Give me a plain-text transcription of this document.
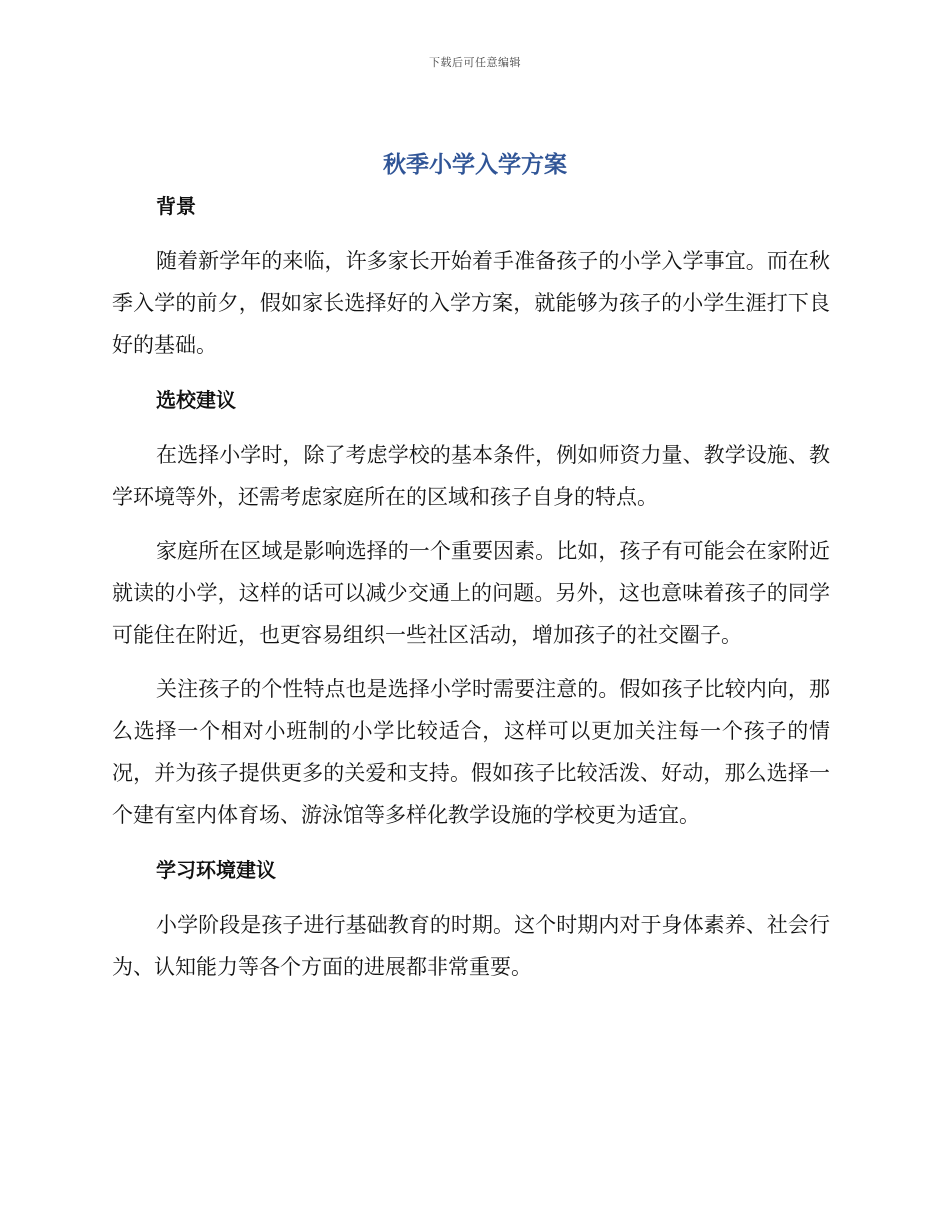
下载后可任意编辑
秋季小学入学方案
背景

随着新学年的来临，许多家长开始着手准备孩子的小学入学事宜。而在秋季入学的前夕，假如家长选择好的入学方案，就能够为孩子的小学生涯打下良好的基础。

选校建议

在选择小学时，除了考虑学校的基本条件，例如师资力量、教学设施、教学环境等外，还需考虑家庭所在的区域和孩子自身的特点。

家庭所在区域是影响选择的一个重要因素。比如，孩子有可能会在家附近就读的小学，这样的话可以减少交通上的问题。另外，这也意味着孩子的同学可能住在附近，也更容易组织一些社区活动，增加孩子的社交圈子。

关注孩子的个性特点也是选择小学时需要注意的。假如孩子比较内向，那么选择一个相对小班制的小学比较适合，这样可以更加关注每一个孩子的情况，并为孩子提供更多的关爱和支持。假如孩子比较活泼、好动，那么选择一个建有室内体育场、游泳馆等多样化教学设施的学校更为适宜。

学习环境建议

小学阶段是孩子进行基础教育的时期。这个时期内对于身体素养、社会行为、认知能力等各个方面的进展都非常重要。
